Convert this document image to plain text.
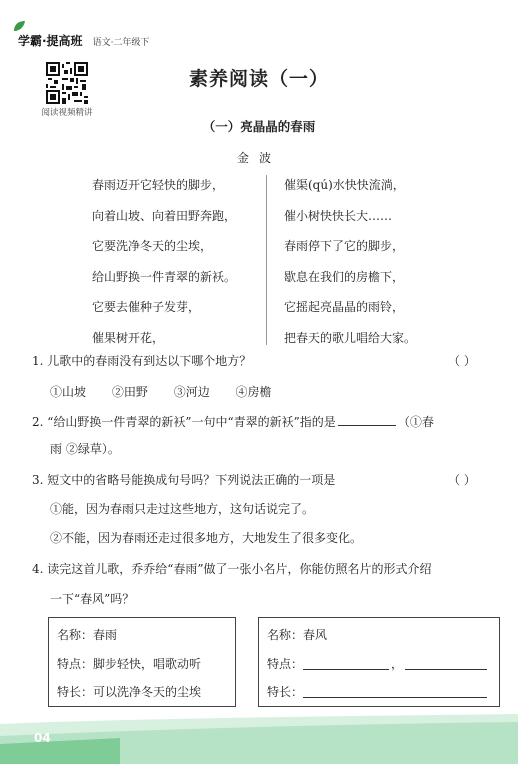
学霸·提高班 语文·二年级下
阅读视频精讲
素养阅读（一）
（一）亮晶晶的春雨
金波
春雨迈开它轻快的脚步，
向着山坡、向着田野奔跑，
它要洗净冬天的尘埃，
给山野换一件青翠的新袄。
它要去催种子发芽，
催果树开花，
催渠(qú)水快快流淌，
催小树快快长大……
春雨停下了它的脚步，
歇息在我们的房檐下，
它摇起亮晶晶的雨铃，
把春天的歌儿唱给大家。
1. 儿歌中的春雨没有到达以下哪个地方？	（ ）
①山坡 ②田野 ③河边 ④房檐
2. “给山野换一件青翠的新袄”一句中“青翠的新袄”指的是	（①春
雨 ②绿草）。
3. 短文中的省略号能换成句号吗？下列说法正确的一项是	（ ）
①能，因为春雨只走过这些地方，这句话说完了。
②不能，因为春雨还走过很多地方，大地发生了很多变化。
4. 读完这首儿歌，乔乔给“春雨”做了一张小名片，你能仿照名片的形式介绍
一下“春风”吗？
名称：春雨
特点：脚步轻快，唱歌动听
特长：可以洗净冬天的尘埃
名称：春风
特点：	，
特长：
04
